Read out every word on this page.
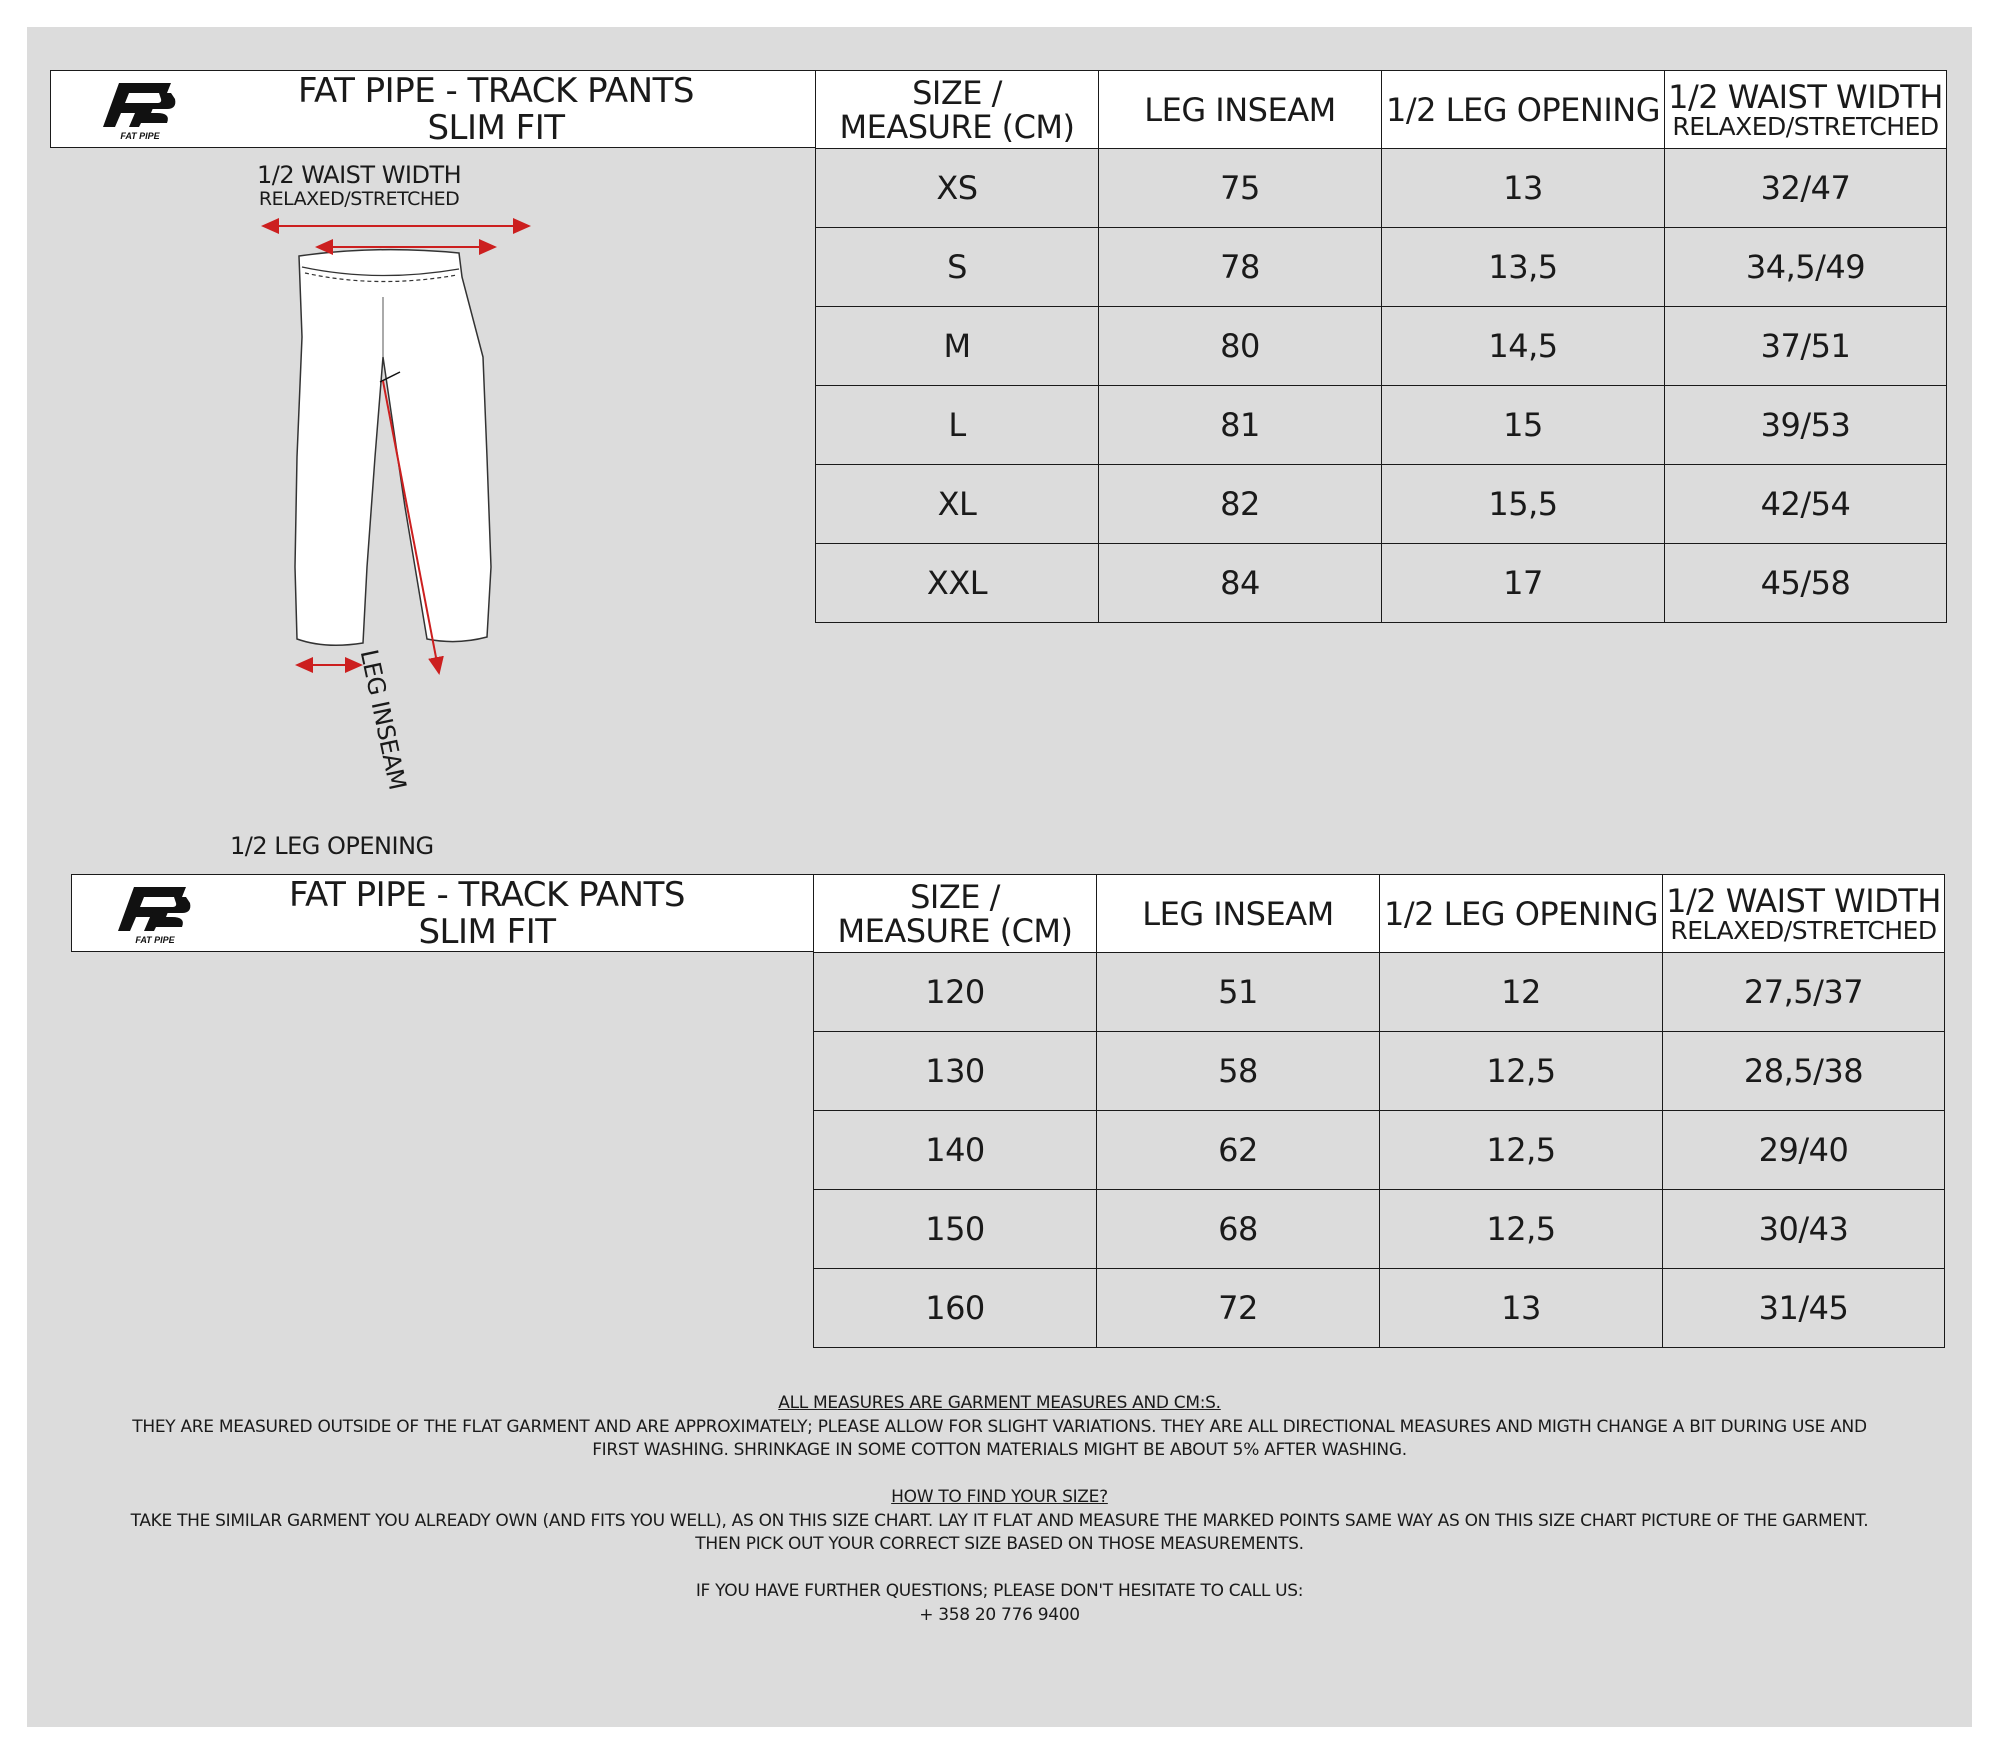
FAT PIPE
FAT PIPE - TRACK PANTS
SLIM FIT
SIZE /
MEASURE (CM)	LEG INSEAM	1/2 LEG OPENING	1/2 WAIST WIDTH
RELAXED/STRETCHED

XS	75	13	32/47
S	78	13,5	34,5/49
M	80	14,5	37/51
L	81	15	39/53
XL	82	15,5	42/54
XXL	84	17	45/58
1/2 WAIST WIDTH
RELAXED/STRETCHED
LEG INSEAM
1/2 LEG OPENING
FAT PIPE
FAT PIPE - TRACK PANTS
SLIM FIT
SIZE /
MEASURE (CM)	LEG INSEAM	1/2 LEG OPENING	1/2 WAIST WIDTH
RELAXED/STRETCHED

120	51	12	27,5/37
130	58	12,5	28,5/38
140	62	12,5	29/40
150	68	12,5	30/43
160	72	13	31/45

ALL MEASURES ARE GARMENT MEASURES AND CM:S.

THEY ARE MEASURED OUTSIDE OF THE FLAT GARMENT AND ARE APPROXIMATELY; PLEASE ALLOW FOR SLIGHT VARIATIONS. THEY ARE ALL DIRECTIONAL MEASURES AND MIGTH CHANGE A BIT DURING USE AND

FIRST WASHING. SHRINKAGE IN SOME COTTON MATERIALS MIGHT BE ABOUT 5% AFTER WASHING.

HOW TO FIND YOUR SIZE?

TAKE THE SIMILAR GARMENT YOU ALREADY OWN (AND FITS YOU WELL), AS ON THIS SIZE CHART. LAY IT FLAT AND MEASURE THE MARKED POINTS SAME WAY AS ON THIS SIZE CHART PICTURE OF THE GARMENT.

THEN PICK OUT YOUR CORRECT SIZE BASED ON THOSE MEASUREMENTS.

IF YOU HAVE FURTHER QUESTIONS; PLEASE DON'T HESITATE TO CALL US:

+ 358 20 776 9400
